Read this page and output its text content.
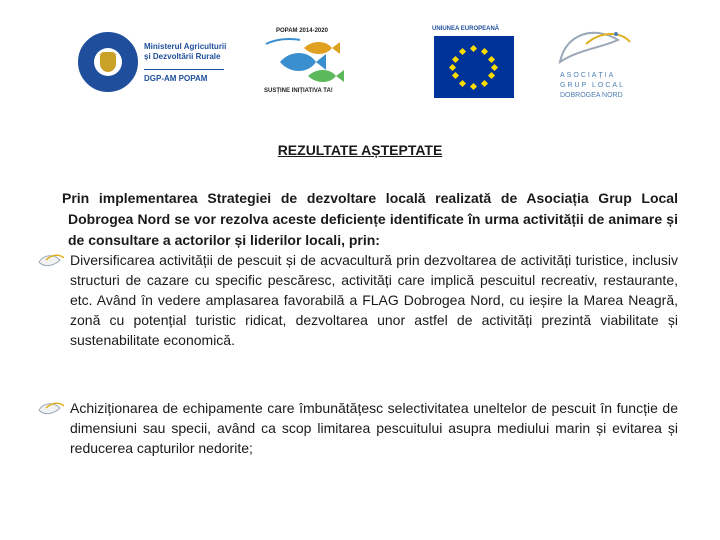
Ministerul Agriculturii
și Dezvoltării Rurale
DGP-AM POPAM
POPAM 2014-2020
SUSȚINE INIȚIATIVA TA!
UNIUNEA EUROPEANĂ
ASOCIAȚIA
GRUP LOCAL
DOBROGEA NORD
REZULTATE AȘTEPTATE

Prin implementarea Strategiei de dezvoltare locală realizată de Asociația Grup Local Dobrogea Nord se vor rezolva aceste deficiențe identificate în urma activității de animare și de consultare a actorilor și liderilor locali, prin:

Diversificarea activității de pescuit și de acvacultură prin dezvoltarea de activități turistice, inclusiv structuri de cazare cu specific pescăresc, activități care implică pescuitul recreativ, restaurante, etc. Având în vedere amplasarea favorabilă a FLAG Dobrogea Nord, cu ieșire la Marea Neagră, zonă cu potențial turistic ridicat, dezvoltarea unor astfel de activități prezintă viabilitate și sustenabilitate economică.
Achiziționarea de echipamente care îmbunătățesc selectivitatea uneltelor de pescuit în funcție de dimensiuni sau specii, având ca scop limitarea pescuitului asupra mediului marin și evitarea și reducerea capturilor nedorite;
